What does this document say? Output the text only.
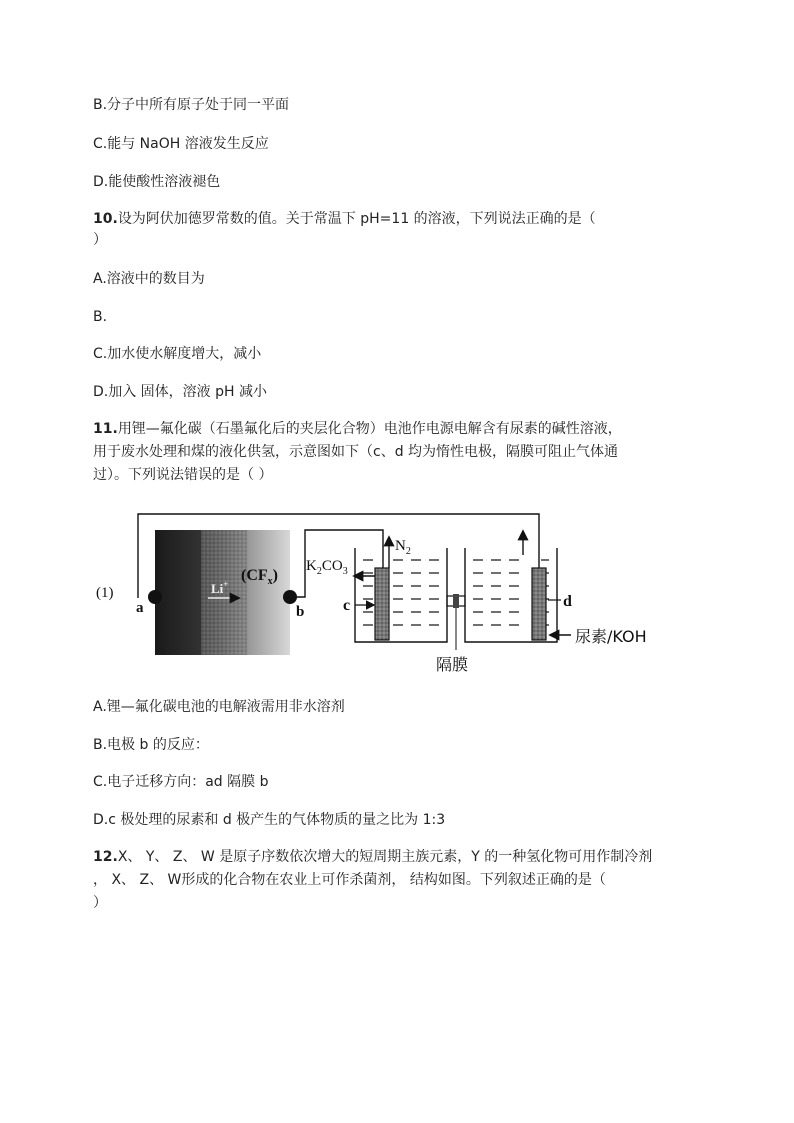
B.分子中所有原子处于同一平面
C.能与 NaOH 溶液发生反应
D.能使酸性溶液褪色
10.设为阿伏加德罗常数的值。关于常温下 pH=11 的溶液，下列说法正确的是（
）
A.溶液中的数目为
B.
C.加水使水解度增大，减小
D.加入 固体，溶液 pH 减小
11.用锂—氟化碳（石墨氟化后的夹层化合物）电池作电源电解含有尿素的碱性溶液，
用于废水处理和煤的液化供氢，示意图如下（c、d 均为惰性电极，隔膜可阻止气体通
过）。下列说法错误的是（ ）
(1)
a	b
Li+ $(CF_x)$
$N_2$
$K_2CO_3$
c	d
尿素/KOH
隔膜
A.锂—氟化碳电池的电解液需用非水溶剂
B.电极 b 的反应：
C.电子迁移方向：ad 隔膜 b
D.c 极处理的尿素和 d 极产生的气体物质的量之比为 1:3
12.X、 Y、 Z、 W 是原子序数依次增大的短周期主族元素，Y 的一种氢化物可用作制冷剂
， X、 Z、 W形成的化合物在农业上可作杀菌剂， 结构如图。下列叙述正确的是（
）
